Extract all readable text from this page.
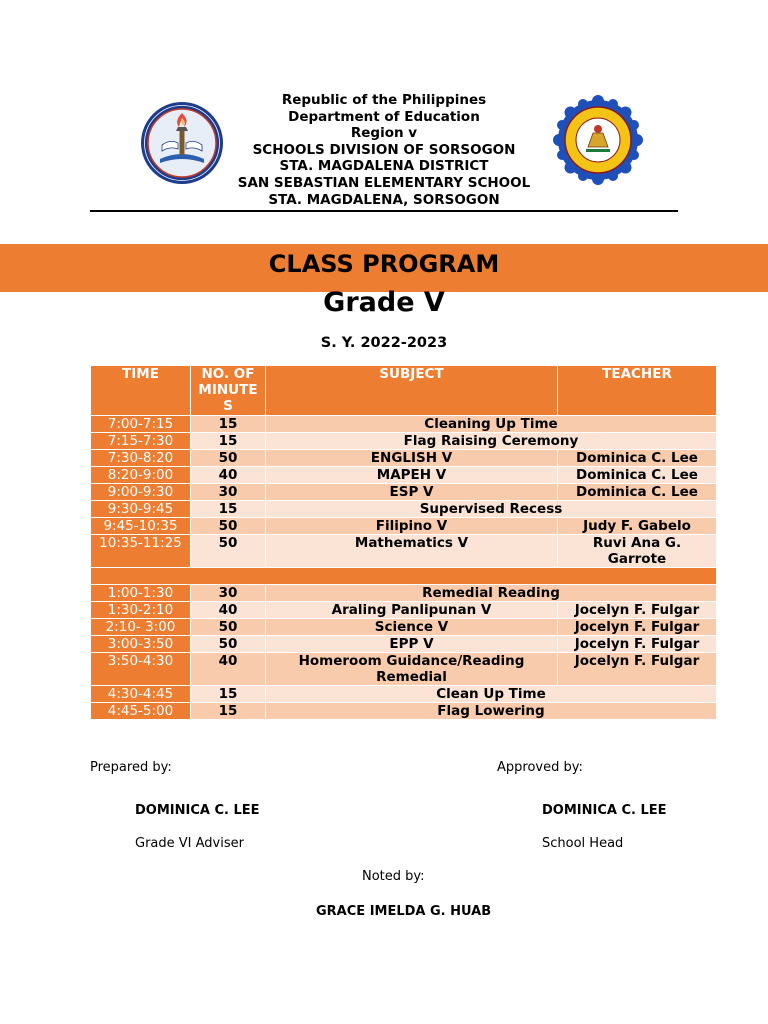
Republic of the Philippines
Department of Education
Region v
SCHOOLS DIVISION OF SORSOGON
STA. MAGDALENA DISTRICT
SAN SEBASTIAN ELEMENTARY SCHOOL
STA. MAGDALENA, SORSOGON
CLASS PROGRAM
Grade V
S. Y. 2022-2023
TIME	NO. OF MINUTE S	SUBJECT	TEACHER
7:00-7:15	15	Cleaning Up Time	
7:15-7:30	15	Flag Raising Ceremony	
7:30-8:20	50	ENGLISH V	Dominica C. Lee
8:20-9:00	40	MAPEH V	Dominica C. Lee
9:00-9:30	30	ESP V	Dominica C. Lee
9:30-9:45	15	Supervised Recess	
9:45-10:35	50	Filipino V	Judy F. Gabelo
10:35-11:25	50	Mathematics V	Ruvi Ana G. Garrote

1:00-1:30	30	Remedial Reading	
1:30-2:10	40	Araling Panlipunan V	Jocelyn F. Fulgar
2:10- 3:00	50	Science V	Jocelyn F. Fulgar
3:00-3:50	50	EPP V	Jocelyn F. Fulgar
3:50-4:30	40	Homeroom Guidance/Reading Remedial	Jocelyn F. Fulgar
4:30-4:45	15	Clean Up Time	
4:45-5:00	15	Flag Lowering	
Prepared by:	Approved by:
DOMINICA C. LEE	DOMINICA C. LEE
Grade VI Adviser	School Head
Noted by:
GRACE IMELDA G. HUAB
